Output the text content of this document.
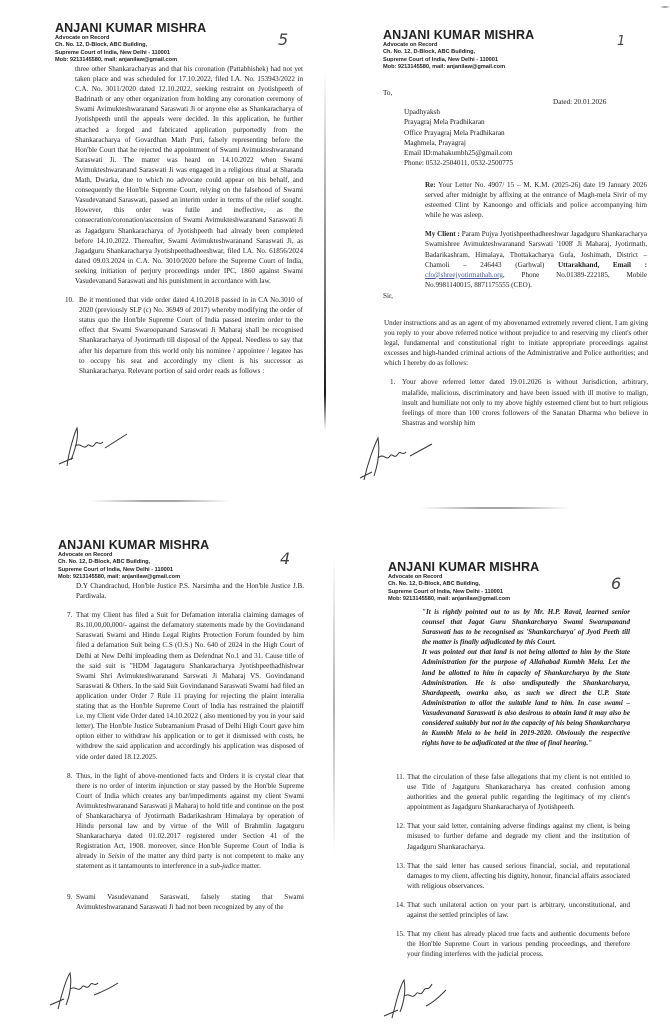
ANJANI KUMAR MISHRA
Advocate on Record
Ch. No. 12, D-Block, ABC Building,
Supreme Court of India, New Delhi - 110001
Mob: 9213145580, mail: anjanilaw@gmail.com
5
three other Shankaracharyas and that his coronation (Pattabhishek) had not yet taken place and was scheduled for 17.10.2022, filed I.A. No. 153943/2022 in C.A. No. 3011/2020 dated 12.10.2022, seeking restraint on Jyotishpeeth of Badrinath or any other organization from holding any coronation ceremony of Swami Avimukteshwaranand Saraswati Ji or anyone else as Shankaracharya of Jyotishpeeth until the appeals were decided. In this application, he further attached a forged and fabricated application purportedly from the Shankaracharya of Govardhan Math Puri, falsely representing before the Hon'ble Court that he rejected the appointment of Swami Avimukteshwaranand Saraswati Ji. The matter was heard on 14.10.2022 when Swami Avimukteshwaranand Saraswati Ji was engaged in a religious ritual at Sharada Math, Dwarka, due to which no advocate could appear on his behalf, and consequently the Hon'ble Supreme Court, relying on the falsehood of Swami Vasudevanand Saraswati, passed an interim order in terms of the relief sought. However, this order was futile and ineffective, as the consecration/coronation/ascension of Swami Avimukteshwaranand Saraswati Ji as Jagadguru Shankaracharya of Jyotishpeeth had already been completed before 14.10.2022. Thereafter, Swami Avimukteshwaranand Saraswati Ji, as Jagadguru Shankaracharya Jyotishpeethadheeshwar, filed I.A. No. 61856/2024 dated 09.03.2024 in C.A. No. 3010/2020 before the Supreme Court of India, seeking initiation of perjury proceedings under IPC, 1860 against Swami Vasudevanand Saraswati and his punishment in accordance with law.
10. Be it mentioned that vide order dated 4.10.2018 passed in in CA No.3010 of 2020 (previously SLP (c) No. 36949 of 2017) whereby modifying the order of status quo the Hon'ble Supreme Court of India passed interim order to the effect that Swami Swaroopanand Saraswati Ji Maharaj shall be recognised Shankaracharya of Jyotirmath till disposal of the Appeal. Needless to say that after his departure from this world only his nominee / appointee / legatee has to occupy his seat and accordingly my client is his successor as Shankaracharya. Relevant portion of said order reads as follows :
ANJANI KUMAR MISHRA
Advocate on Record
Ch. No. 12, D-Block, ABC Building,
Supreme Court of India, New Delhi - 110001
Mob: 9213145580, mail: anjanilaw@gmail.com
1
To,
Dated: 20.01.2026
Upadhyaksh
Prayagraj Mela Pradhikaran
Office Prayagraj Mela Pradhikaran
Maghmela, Prayagraj
Email ID:mahakumbh25@gmail.com
Phone: 0532-2504011, 0532-2500775
Re: Your Letter No. 4907/ 15 – M. K.M. (2025-26) date 19 January 2026 served after midnight by affixing at the entrance of Magh-mela Sivir of my esteemed Clint by Kanoongo and officials and police accompanying him while he was asleep.
My Client : Param Pujya Jyotishpeethadheeshwar Jagadguru Shankaracharya Swamishree Avimukteshwaranand Sarswati '1008' Ji Maharaj, Jyotirmath, Badarikashram, Himalaya, Thottakacharya Gufa, Joshimath, District – Chamoli – 246443 (Garhwal) Uttarakhand, Email : cfo@shreejyotirmathah.org, Phone No.01389-222185, Mobile No.9981140015, 8871175555 (CEO).
Sir,
Under instructions and as an agent of my abovenamed extremely revered client, I am giving you reply to your above referred notice without prejudice to and reserving my client's other legal, fundamental and constitutional right to initiate appropriate proceedings against excesses and high-handed criminal actions of the Administrative and Police authorities; and which I hereby do as follows:
1. Your above referred letter dated 19.01.2026 is without Jurisdiction, arbitrary, malafide, malicious, discriminatory and have been issued with ill motive to malign, insult and humiliate not only to my above highly esteemed client but to hurt religious feelings of more than 100 crores followers of the Sanatan Dharma who believe in Shastras and worship him
ANJANI KUMAR MISHRA
Advocate on Record
Ch. No. 12, D-Block, ABC Building,
Supreme Court of India, New Delhi - 110001
Mob: 9213145580, mail: anjanilaw@gmail.com
4
D.Y Chandrachud, Hon'ble Justice P.S. Narsimha and the Hon'ble Justice J.B. Pardiwala.
7. That my Client has filed a Suit for Defamation interalia claiming damages of Rs.10,00,00,000/- against the defamatory statements made by the Govindanand Saraswati Swami and Hindu Legal Rights Protection Forum founded by him filed a defamation Suit being C.S (O.S.) No. 640 of 2024 in the High Court of Delhi at New Delhi impleading them as Defendnat No.1 and 31. Cause title of the said suit is "HDM Jagataguru Shankaracharya Jyotishpeethadhishwar Swami Shri Avimukteshwaranand Sarswati Ji Maharaj VS. Govindanand Saraswati & Others. In the said Suit Govindanand Saraswati Swami had filed an application under Order 7 Rule 11 praying for rejecting the plaint interalia stating that as the Hon'ble Supreme Court of India has restrained the plaintiff i.e. my Client vide Order dated 14.10.2022 ( also mentioned by you in your said letter). The Hon'ble Justice Subramanium Prasad of Delhi High Court gave him option either to withdraw his application or to get it dismissed with costs, he withdrew the said application and accordingly his application was disposed of vide order dated 18.12.2025.
8. Thus, in the light of above-mentioned facts and Orders it is crystal clear that there is no order of interim injunction or stay passed by the Hon'ble Supreme Court of India which creates any bar/impediments against my client Swami Avimukteshwaranand Saraswati ji Maharaj to hold title and continue on the post of Shankaracharya of Jyotirmath Badarikashram Himalaya by operation of Hindu personal law and by virtue of the Will of Brahmlin Jagatguru Shankaracharya dated 01.02.2017 registered under Section 41 of the Registration Act, 1908. moreover, since Hon'ble Supreme Court of India is already in Seisin of the matter any third party is not competent to make any statement as it tantamounts to interference in a sub-judice matter.
9. Swami Vasudevanand Saraswati, falsely stating that Swami Avimukteshwaranand Saraswati Ji had not been recognized by any of the
ANJANI KUMAR MISHRA
Advocate on Record
Ch. No. 12, D-Block, ABC Building,
Supreme Court of India, New Delhi - 110001
Mob: 9213145580, mail: anjanilaw@gmail.com
6
"It is rightly pointed out to us by Mr. H.P. Raval, learned senior counsel that Jagat Guru Shankarcharya Swami Swarupanand Saraswati has to be recognised as 'Shankarcharya' of Jyoti Peeth till the matter is finally adjudicated by this Court.
It was pointed out that land is not being allotted to him by the State Administration for the purpose of Allahabad Kumbh Mela. Let the land be allotted to him in capacity of Shankarcharya by the State Administration. He is also undisputedly the Shankarcharya, Shardapeeth, owarka also, as such we direct the U.P. State Administration to allot the suitable land to him. In case swami – Vasudevanand Saraswati is also desirous to obtain land it may also be considered suitably but not in the capacity of his being Shankarcharya in Kumbh Mela to be held in 2019-2020. Obviously the respective rights have to be adjudicated at the time of final hearing."
11. That the circulation of these false allegations that my client is not entitled to use Title of Jagatguru Shankaracharya has created confusion among authorities and the general public regarding the legitimacy of my client's appointment as Jagadguru Shankaracharya of Jyotishpeeth.
12. That your said letter, containing adverse findings against my client, is being misused to further defame and degrade my client and the institution of Jagadguru Shankaracharya.
13. That the said letter has caused serious financial, social, and reputational damages to my client, affecting his dignity, honour, financial affairs associated with religious observances.
14. That such unilateral action on your part is arbitrary, unconstitutional, and against the settled principles of law.
15. That my client has already placed true facts and authentic documents before the Hon'ble Supreme Court in various pending proceedings, and therefore your finding interferes with the judicial process.
